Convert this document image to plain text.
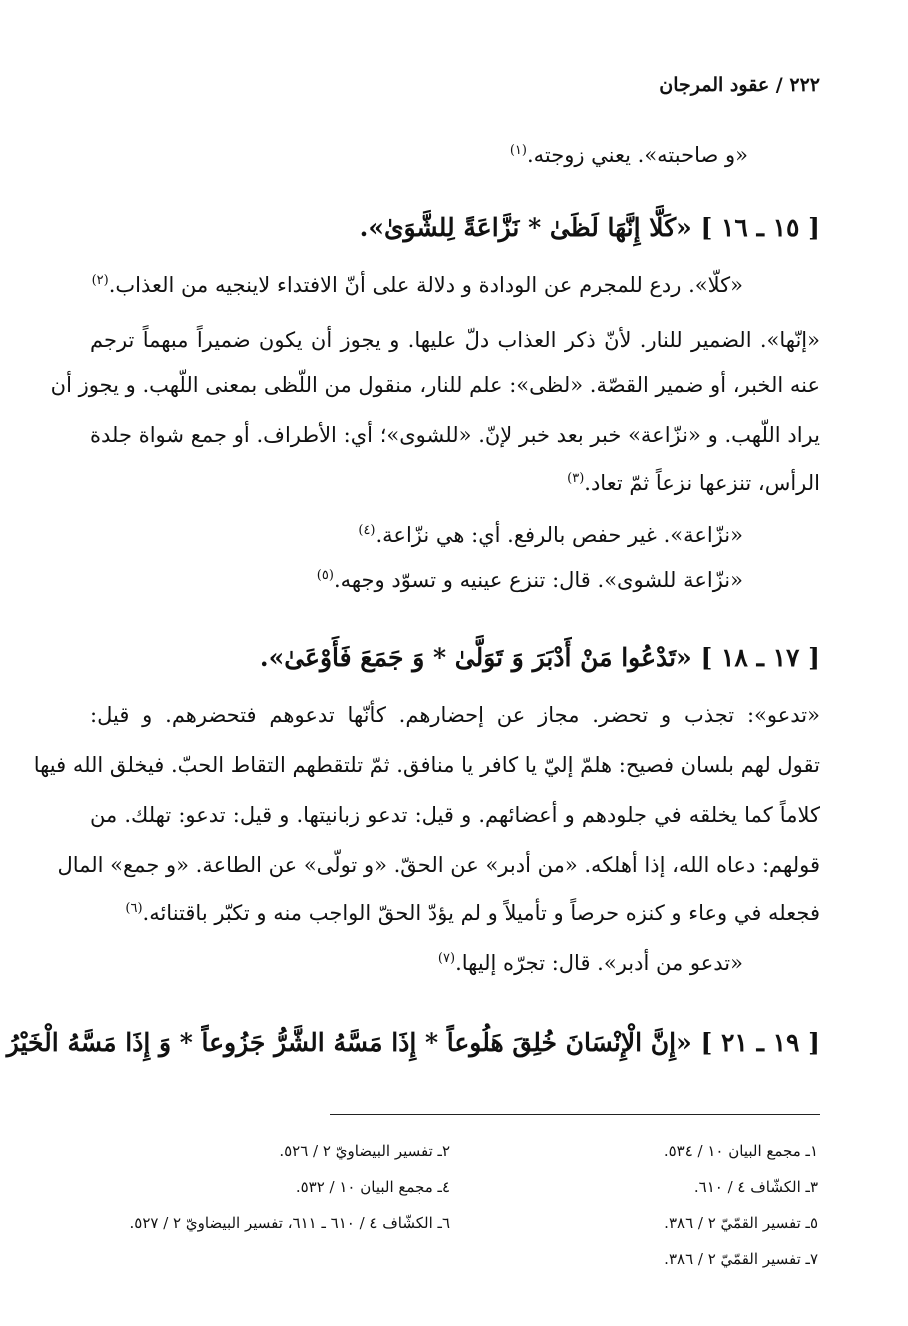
٢٢٢ / عقود المرجان
«و صاحبته». يعني زوجته.$^{(١)}$
[ ١٥ ـ ١٦ ] «كَلَّا إِنَّهَا لَظَىٰ * نَزَّاعَةً لِلشَّوَىٰ».
«كلّا». ردع للمجرم عن الودادة و دلالة على أنّ الافتداء لاينجيه من العذاب.$^{(٢)}$
«إنّها». الضمير للنار. لأنّ ذكر العذاب دلّ عليها. و يجوز أن يكون ضميراً مبهماً ترجم
عنه الخبر، أو ضمير القصّة. «لظى»: علم للنار، منقول من اللّظى بمعنى اللّهب. و يجوز أن
يراد اللّهب. و «نزّاعة» خبر بعد خبر لإنّ. «للشوى»؛ أي: الأطراف. أو جمع شواة جلدة
الرأس، تنزعها نزعاً ثمّ تعاد.$^{(٣)}$
«نزّاعة». غير حفص بالرفع. أي: هي نزّاعة.$^{(٤)}$
«نزّاعة للشوى». قال: تنزع عينيه و تسوّد وجهه.$^{(٥)}$
[ ١٧ ـ ١٨ ] «تَدْعُوا مَنْ أَدْبَرَ وَ تَوَلَّىٰ * وَ جَمَعَ فَأَوْعَىٰ».
«تدعو»: تجذب و تحضر. مجاز عن إحضارهم. كأنّها تدعوهم فتحضرهم. و قيل:
تقول لهم بلسان فصيح: هلمّ إليّ يا كافر يا منافق. ثمّ تلتقطهم التقاط الحبّ. فيخلق الله فيها
كلاماً كما يخلقه في جلودهم و أعضائهم. و قيل: تدعو زبانيتها. و قيل: تدعو: تهلك. من
قولهم: دعاه الله، إذا أهلكه. «من أدبر» عن الحقّ. «و تولّى» عن الطاعة. «و جمع» المال
فجعله في وعاء و كنزه حرصاً و تأميلاً و لم يؤدّ الحقّ الواجب منه و تكبّر باقتنائه.$^{(٦)}$
«تدعو من أدبر». قال: تجرّه إليها.$^{(٧)}$
[ ١٩ ـ ٢١ ] «إِنَّ الْإِنْسَانَ خُلِقَ هَلُوعاً * إِذَا مَسَّهُ الشَّرُّ جَزُوعاً * وَ إِذَا مَسَّهُ الْخَيْرُ
١ـ مجمع البيان ١٠ / ٥٣٤.
٢ـ تفسير البيضاويّ ٢ / ٥٢٦.
٣ـ الكشّاف ٤ / ٦١٠.
٤ـ مجمع البيان ١٠ / ٥٣٢.
٥ـ تفسير القمّيّ ٢ / ٣٨٦.
٦ـ الكشّاف ٤ / ٦١٠ ـ ٦١١، تفسير البيضاويّ ٢ / ٥٢٧.
٧ـ تفسير القمّيّ ٢ / ٣٨٦.
